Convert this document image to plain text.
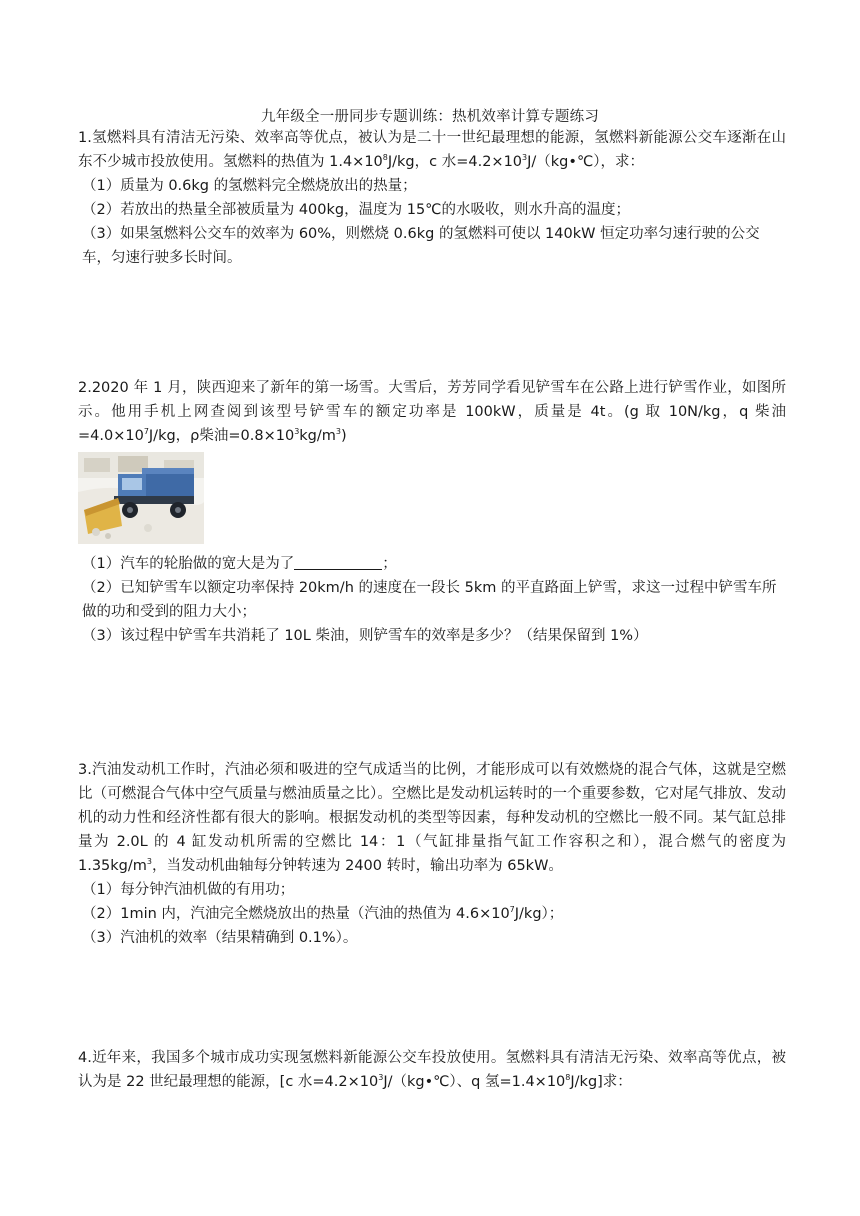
九年级全一册同步专题训练：热机效率计算专题练习
1.氢燃料具有清洁无污染、效率高等优点，被认为是二十一世纪最理想的能源，氢燃料新能源公交车逐渐在山东不少城市投放使用。氢燃料的热值为 $1.4\times 10^8J/kg$，c 水$=4.2\times 10^3J/(kg•℃)$，求：
（1）质量为 0.6kg 的氢燃料完全燃烧放出的热量；
（2）若放出的热量全部被质量为 400kg，温度为 15℃的水吸收，则水升高的温度；
（3）如果氢燃料公交车的效率为 60%，则燃烧 0.6kg 的氢燃料可使以 140kW 恒定功率匀速行驶的公交车，匀速行驶多长时间。
2.2020 年 1 月，陕西迎来了新年的第一场雪。大雪后，芳芳同学看见铲雪车在公路上进行铲雪作业，如图所示。他用手机上网查阅到该型号铲雪车的额定功率是 100kW，质量是 4t。(g 取 10N/kg，q 柴油$=4.0\times 10^7J/kg$，ρ柴油$=0.8\times 10^3kg/m^3$)
（1）汽车的轮胎做的宽大是为了	；
（2）已知铲雪车以额定功率保持 20km/h 的速度在一段长 5km 的平直路面上铲雪，求这一过程中铲雪车所做的功和受到的阻力大小；
（3）该过程中铲雪车共消耗了 10L 柴油，则铲雪车的效率是多少？（结果保留到 1%）
3.汽油发动机工作时，汽油必须和吸进的空气成适当的比例，才能形成可以有效燃烧的混合气体，这就是空燃比（可燃混合气体中空气质量与燃油质量之比）。空燃比是发动机运转时的一个重要参数，它对尾气排放、发动机的动力性和经济性都有很大的影响。根据发动机的类型等因素，每种发动机的空燃比一般不同。某气缸总排量为 2.0L 的 4 缸发动机所需的空燃比 14：1（气缸排量指气缸工作容积之和），混合燃气的密度为 $1.35kg/m^3$，当发动机曲轴每分钟转速为 2400 转时，输出功率为 65kW。
（1）每分钟汽油机做的有用功；
（2）1min 内，汽油完全燃烧放出的热量（汽油的热值为 $4.6\times 10^7J/kg$）；
（3）汽油机的效率（结果精确到 0.1%）。
4.近年来，我国多个城市成功实现氢燃料新能源公交车投放使用。氢燃料具有清洁无污染、效率高等优点，被认为是 22 世纪最理想的能源，[c 水$=4.2\times 10^3J/(kg•℃)$、q 氢$=1.4\times 10^8J/kg$]求：
